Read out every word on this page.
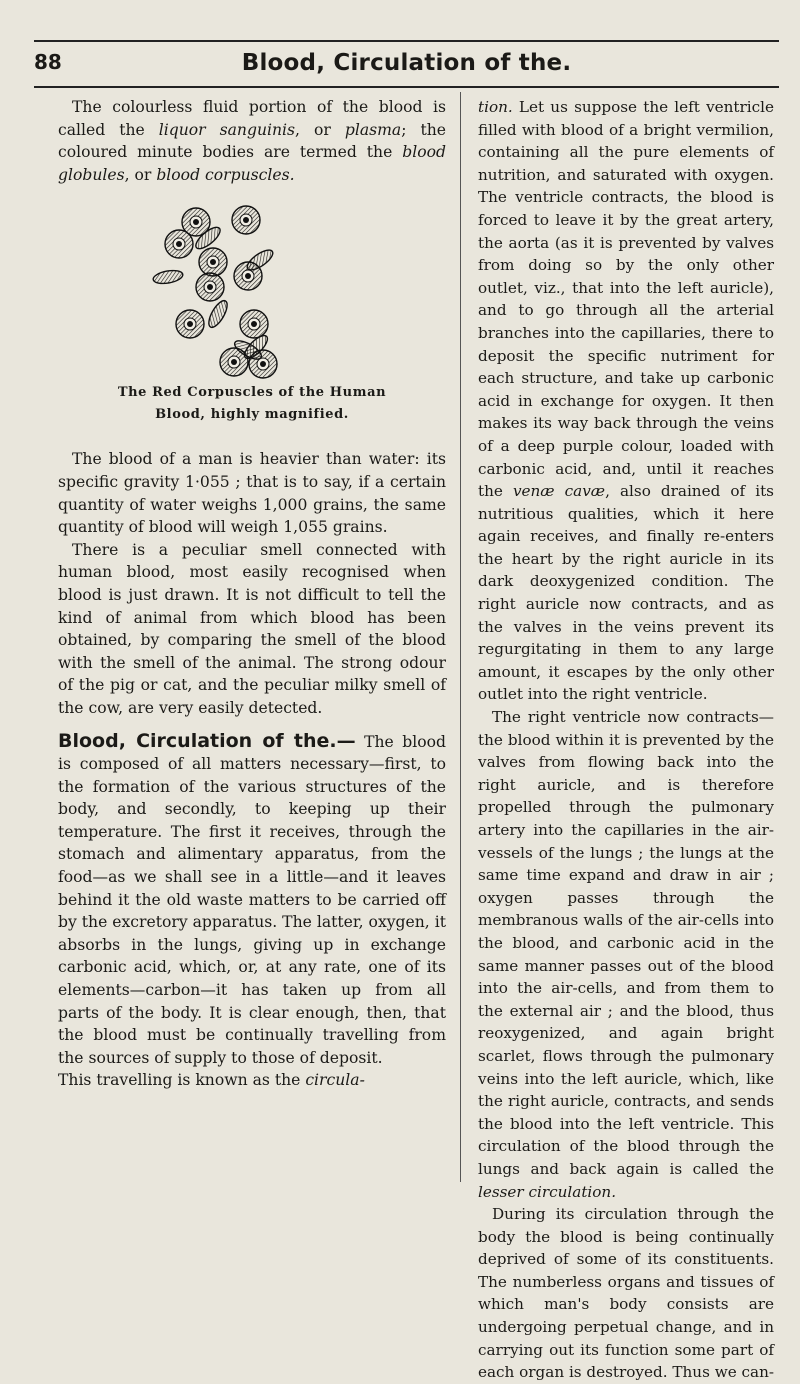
88	Blood, Circulation of the.

The colourless fluid portion of the blood is called the liquor sanguinis, or plasma; the coloured minute bodies are termed the blood globules, or blood corpuscles.

The Red Corpuscles of the Human
Blood, highly magnified.

The blood of a man is heavier than water: its specific gravity 1·055 ; that is to say, if a certain quantity of water weighs 1,000 grains, the same quantity of blood will weigh 1,055 grains.

There is a peculiar smell connected with human blood, most easily recognised when blood is just drawn. It is not difficult to tell the kind of animal from which blood has been obtained, by comparing the smell of the blood with the smell of the animal. The strong odour of the pig or cat, and the peculiar milky smell of the cow, are very easily detected.

Blood, Circulation of the.— The blood is composed of all matters necessary—first, to the formation of the various structures of the body, and secondly, to keeping up their temperature. The first it receives, through the stomach and alimentary apparatus, from the food—as we shall see in a little—and it leaves behind it the old waste matters to be carried off by the excretory apparatus. The latter, oxygen, it absorbs in the lungs, giving up in exchange carbonic acid, which, or, at any rate, one of its elements—carbon—it has taken up from all parts of the body. It is clear enough, then, that the blood must be continually travelling from the sources of supply to those of deposit.

This travelling is known as the circula-

tion. Let us suppose the left ventricle filled with blood of a bright vermilion, containing all the pure elements of nutrition, and saturated with oxygen. The ventricle contracts, the blood is forced to leave it by the great artery, the aorta (as it is prevented by valves from doing so by the only other outlet, viz., that into the left auricle), and to go through all the arterial branches into the capillaries, there to deposit the specific nutriment for each structure, and take up carbonic acid in exchange for oxygen. It then makes its way back through the veins of a deep purple colour, loaded with carbonic acid, and, until it reaches the venæ cavæ, also drained of its nutritious qualities, which it here again receives, and finally re-enters the heart by the right auricle in its dark deoxygenized condition. The right auricle now contracts, and as the valves in the veins prevent its regurgitating in them to any large amount, it escapes by the only other outlet into the right ventricle.

The right ventricle now contracts—the blood within it is prevented by the valves from flowing back into the right auricle, and is therefore propelled through the pulmonary artery into the capillaries in the air-vessels of the lungs ; the lungs at the same time expand and draw in air ; oxygen passes through the membranous walls of the air-cells into the blood, and carbonic acid in the same manner passes out of the blood into the air-cells, and from them to the external air ; and the blood, thus reoxygenized, and again bright scarlet, flows through the pulmonary veins into the left auricle, which, like the right auricle, contracts, and sends the blood into the left ventricle. This circulation of the blood through the lungs and back again is called the lesser circulation.

During its circulation through the body the blood is being continually deprived of some of its constituents. The numberless organs and tissues of which man's body consists are undergoing perpetual change, and in carrying out its function some part of each organ is destroyed. Thus we can-
